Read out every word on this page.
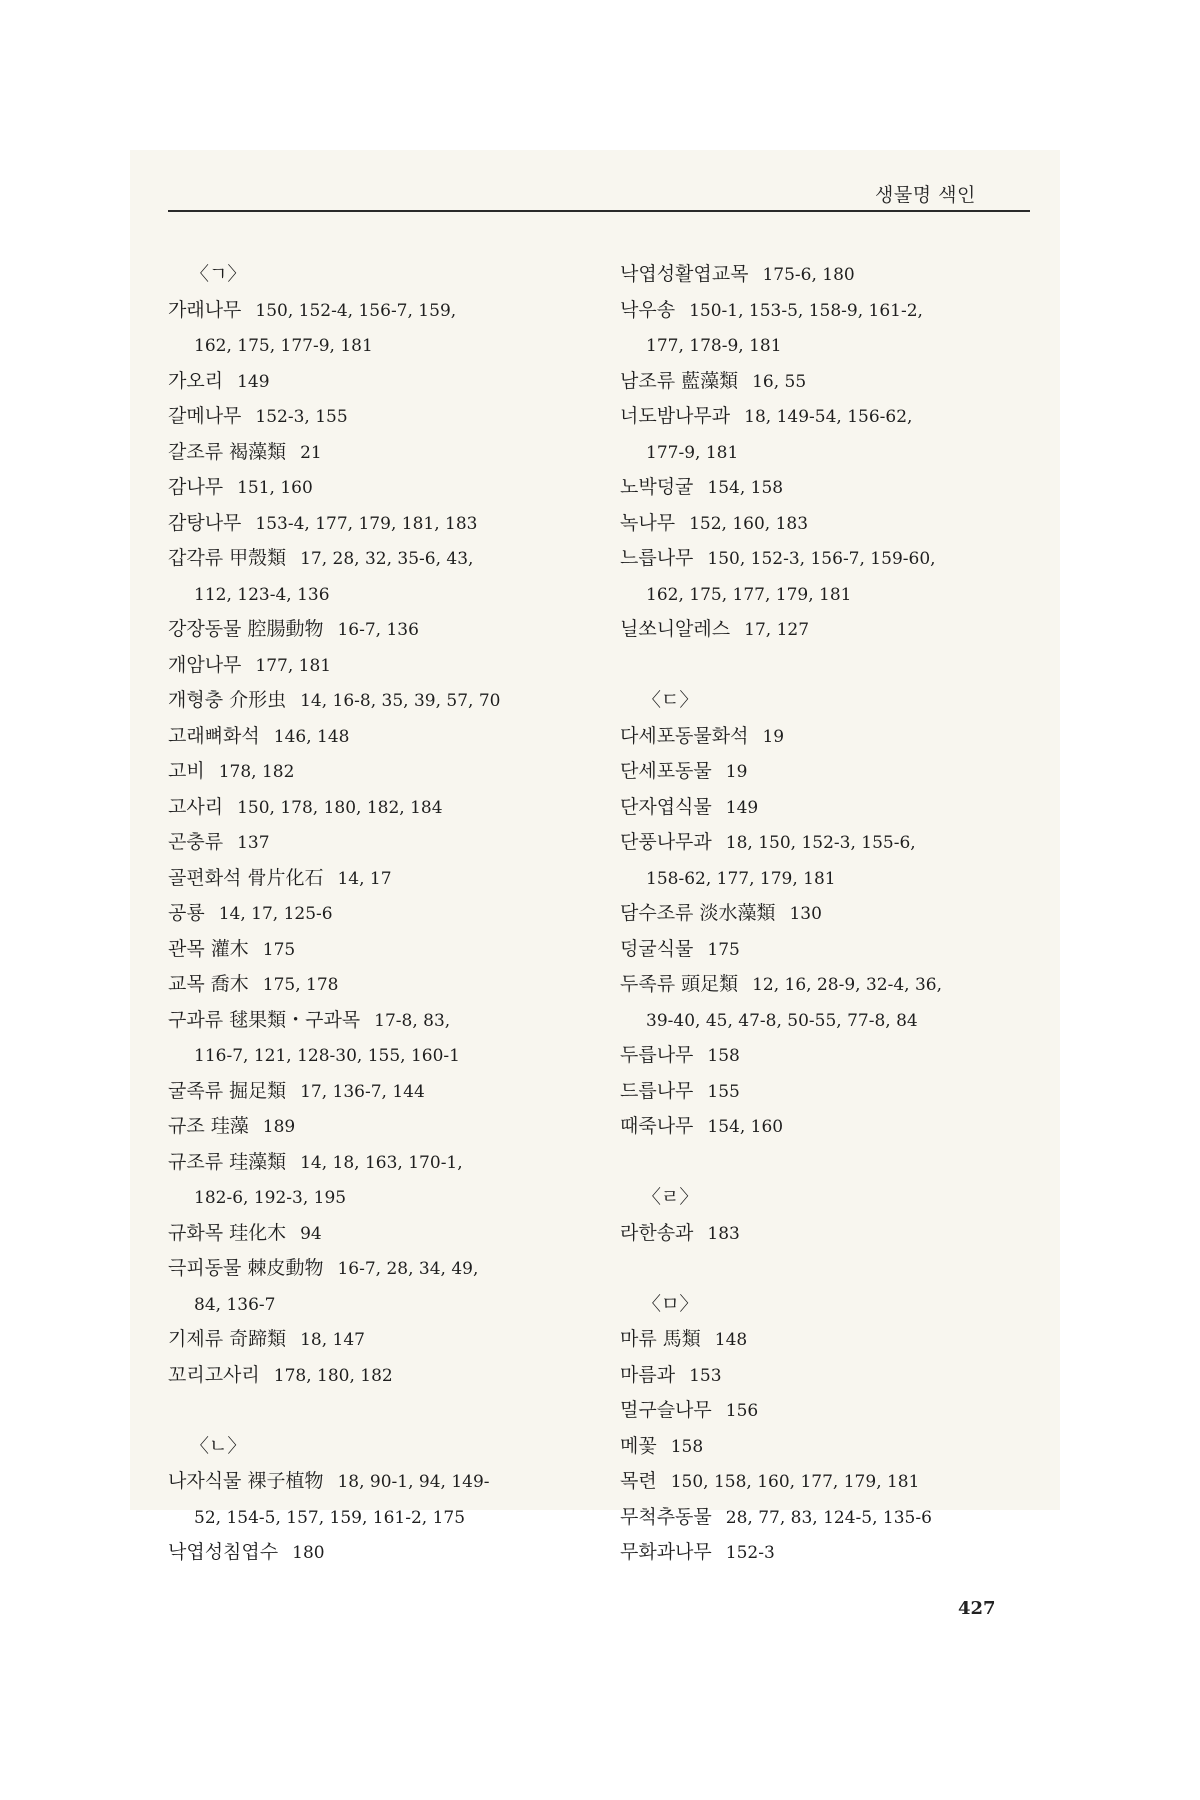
생물명 색인
427
〈ㄱ〉
가래나무 150, 152-4, 156-7, 159,
162, 175, 177-9, 181
가오리 149
갈메나무 152-3, 155
갈조류 褐藻類 21
감나무 151, 160
감탕나무 153-4, 177, 179, 181, 183
갑각류 甲殼類 17, 28, 32, 35-6, 43,
112, 123-4, 136
강장동물 腔腸動物 16-7, 136
개암나무 177, 181
개형충 介形虫 14, 16-8, 35, 39, 57, 70
고래뼈화석 146, 148
고비 178, 182
고사리 150, 178, 180, 182, 184
곤충류 137
골편화석 骨片化石 14, 17
공룡 14, 17, 125-6
관목 灌木 175
교목 喬木 175, 178
구과류 毬果類・구과목 17-8, 83,
116-7, 121, 128-30, 155, 160-1
굴족류 掘足類 17, 136-7, 144
규조 珪藻 189
규조류 珪藻類 14, 18, 163, 170-1,
182-6, 192-3, 195
규화목 珪化木 94
극피동물 棘皮動物 16-7, 28, 34, 49,
84, 136-7
기제류 奇蹄類 18, 147
꼬리고사리 178, 180, 182
〈ㄴ〉
나자식물 裸子植物 18, 90-1, 94, 149-
52, 154-5, 157, 159, 161-2, 175
낙엽성침엽수 180
낙엽성활엽교목 175-6, 180
낙우송 150-1, 153-5, 158-9, 161-2,
177, 178-9, 181
남조류 藍藻類 16, 55
너도밤나무과 18, 149-54, 156-62,
177-9, 181
노박덩굴 154, 158
녹나무 152, 160, 183
느릅나무 150, 152-3, 156-7, 159-60,
162, 175, 177, 179, 181
닐쏘니알레스 17, 127
〈ㄷ〉
다세포동물화석 19
단세포동물 19
단자엽식물 149
단풍나무과 18, 150, 152-3, 155-6,
158-62, 177, 179, 181
담수조류 淡水藻類 130
덩굴식물 175
두족류 頭足類 12, 16, 28-9, 32-4, 36,
39-40, 45, 47-8, 50-55, 77-8, 84
두릅나무 158
드릅나무 155
때죽나무 154, 160
〈ㄹ〉
라한송과 183
〈ㅁ〉
마류 馬類 148
마름과 153
멀구슬나무 156
메꽃 158
목련 150, 158, 160, 177, 179, 181
무척추동물 28, 77, 83, 124-5, 135-6
무화과나무 152-3
